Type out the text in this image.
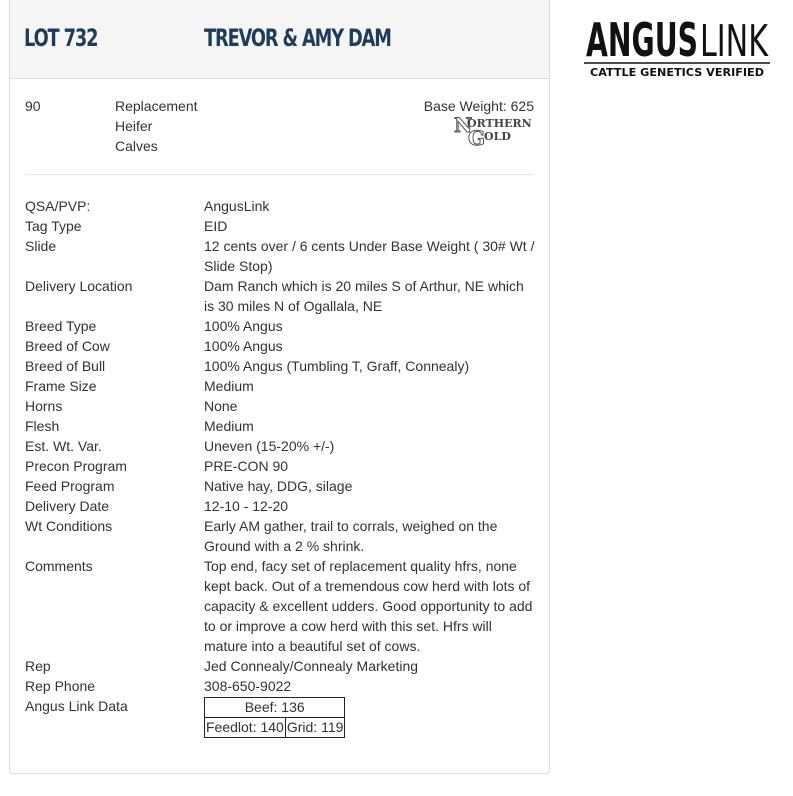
LOT 732	TREVOR & AMY DAM
90	Replacement
Heifer
Calves
Base Weight: 625
N
ORTHERN
G
OLD
QSA/PVP:	AngusLink
Tag Type	EID
Slide	12 cents over / 6 cents Under Base Weight ( 30# Wt / Slide Stop)
Delivery Location	Dam Ranch which is 20 miles S of Arthur, NE which is 30 miles N of Ogallala, NE
Breed Type	100% Angus
Breed of Cow	100% Angus
Breed of Bull	100% Angus (Tumbling T, Graff, Connealy)
Frame Size	Medium
Horns	None
Flesh	Medium
Est. Wt. Var.	Uneven (15-20% +/-)
Precon Program	PRE-CON 90
Feed Program	Native hay, DDG, silage
Delivery Date	12-10 - 12-20
Wt Conditions	Early AM gather, trail to corrals, weighed on the Ground with a 2 % shrink.
Comments	Top end, facy set of replacement quality hfrs, none kept back. Out of a tremendous cow herd with lots of capacity & excellent udders. Good opportunity to add to or improve a cow herd with this set. Hfrs will mature into a beautiful set of cows.
Rep	Jed Connealy/Connealy Marketing
Rep Phone	308-650-9022
Angus Link Data	Beef: 136
Feedlot: 140	Grid: 119
ANGUS LINK
CATTLE GENETICS VERIFIED
